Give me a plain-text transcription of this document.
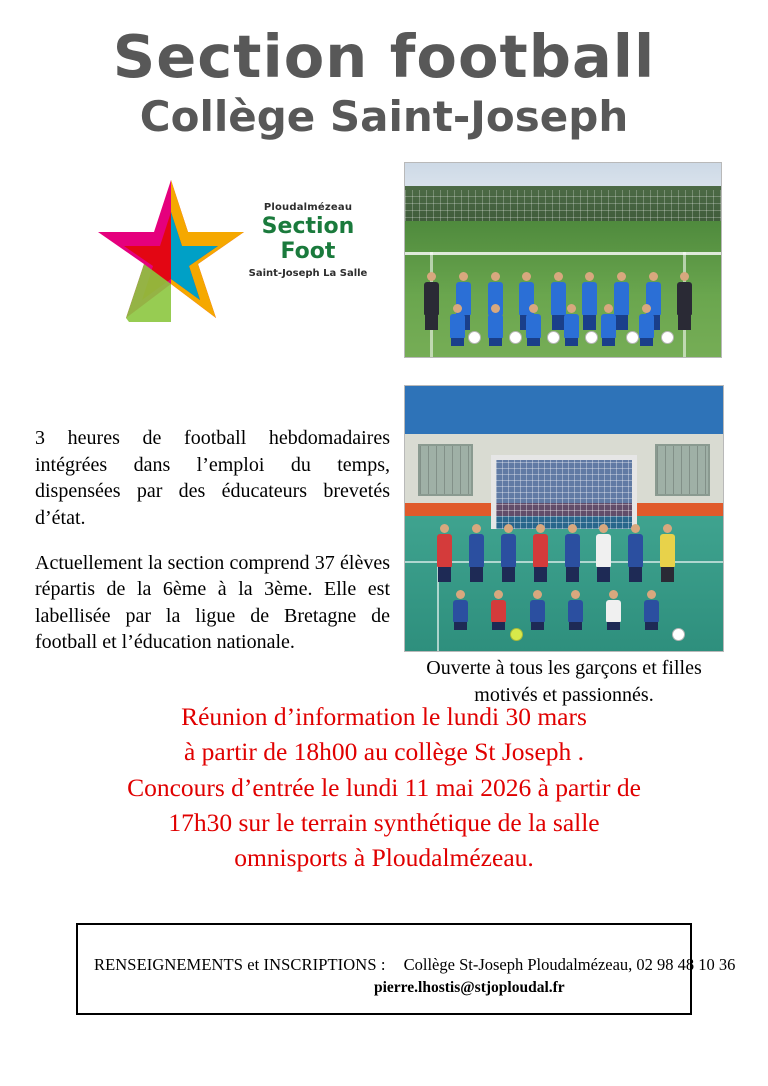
Section football
Collège Saint-Joseph
Ploudalmézeau
Section Foot
Saint-Joseph La Salle

3 heures de football hebdomadaires intégrées dans l’emploi du temps, dispensées par des éducateurs brevetés d’état.

Actuellement la section comprend 37 élèves répartis de la 6ème à la 3ème. Elle est labellisée par la ligue de Bretagne de football et l’éducation nationale.

Ouverte à tous les garçons et filles motivés et passionnés.
Réunion d’information le lundi 30 mars
à partir de 18h00 au collège St Joseph .
Concours d’entrée le lundi 11 mai 2026 à partir de
17h30 sur le terrain synthétique de la salle
omnisports à Ploudalmézeau.
RENSEIGNEMENTS et INSCRIPTIONS : Collège St-Joseph Ploudalmézeau, 02 98 48 10 36
pierre.lhostis@stjoploudal.fr
